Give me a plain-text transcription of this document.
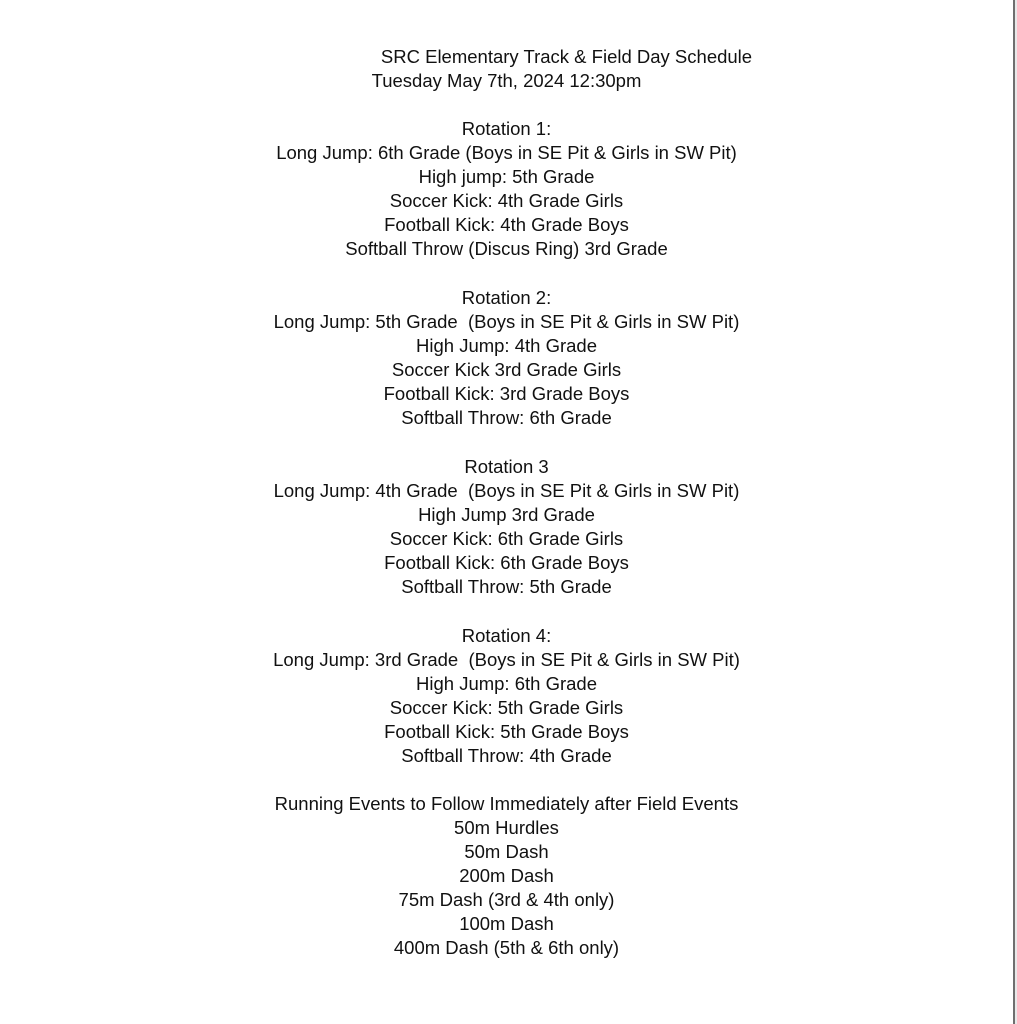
SRC Elementary Track & Field Day Schedule
Tuesday May 7th, 2024 12:30pm
Rotation 1:
Long Jump: 6th Grade (Boys in SE Pit & Girls in SW Pit)
High jump: 5th Grade
Soccer Kick: 4th Grade Girls
Football Kick: 4th Grade Boys
Softball Throw (Discus Ring) 3rd Grade
Rotation 2:
Long Jump: 5th Grade  (Boys in SE Pit & Girls in SW Pit)
High Jump: 4th Grade
Soccer Kick 3rd Grade Girls
Football Kick: 3rd Grade Boys
Softball Throw: 6th Grade
Rotation 3
Long Jump: 4th Grade  (Boys in SE Pit & Girls in SW Pit)
High Jump 3rd Grade
Soccer Kick: 6th Grade Girls
Football Kick: 6th Grade Boys
Softball Throw: 5th Grade
Rotation 4:
Long Jump: 3rd Grade  (Boys in SE Pit & Girls in SW Pit)
High Jump: 6th Grade
Soccer Kick: 5th Grade Girls
Football Kick: 5th Grade Boys
Softball Throw: 4th Grade
Running Events to Follow Immediately after Field Events
50m Hurdles
50m Dash
200m Dash
75m Dash (3rd & 4th only)
100m Dash
400m Dash (5th & 6th only)
